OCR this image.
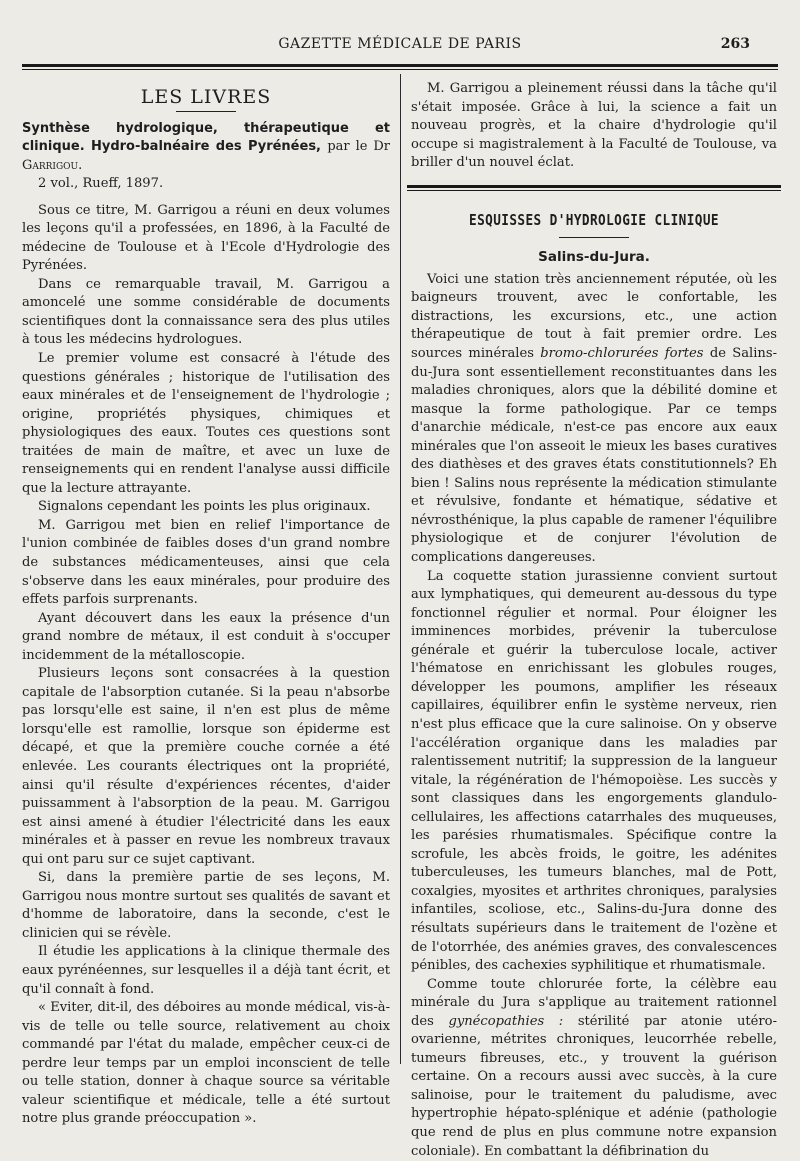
GAZETTE MÉDICALE DE PARIS	263
LES LIVRES

Synthèse hydrologique, thérapeutique et clinique. Hydro-balnéaire des Pyrénées, par le Dr Garrigou.

2 vol., Rueff, 1897.

Sous ce titre, M. Garrigou a réuni en deux volumes les leçons qu'il a professées, en 1896, à la Faculté de médecine de Toulouse et à l'Ecole d'Hydrologie des Pyrénées.

Dans ce remarquable travail, M. Garrigou a amoncelé une somme considérable de documents scientifiques dont la connaissance sera des plus utiles à tous les médecins hydrologues.

Le premier volume est consacré à l'étude des questions générales ; historique de l'utilisation des eaux minérales et de l'enseignement de l'hydrologie ; origine, propriétés physiques, chimiques et physiologiques des eaux. Toutes ces questions sont traitées de main de maître, et avec un luxe de renseignements qui en rendent l'analyse aussi difficile que la lecture attrayante.

Signalons cependant les points les plus originaux.

M. Garrigou met bien en relief l'importance de l'union combinée de faibles doses d'un grand nombre de substances médicamenteuses, ainsi que cela s'observe dans les eaux minérales, pour produire des effets parfois surprenants.

Ayant découvert dans les eaux la présence d'un grand nombre de métaux, il est conduit à s'occuper incidemment de la métalloscopie.

Plusieurs leçons sont consacrées à la question capitale de l'absorption cutanée. Si la peau n'absorbe pas lorsqu'elle est saine, il n'en est plus de même lorsqu'elle est ramollie, lorsque son épiderme est décapé, et que la première couche cornée a été enlevée. Les courants électriques ont la propriété, ainsi qu'il résulte d'expériences récentes, d'aider puissamment à l'absorption de la peau. M. Garrigou est ainsi amené à étudier l'électricité dans les eaux minérales et à passer en revue les nombreux travaux qui ont paru sur ce sujet captivant.

Si, dans la première partie de ses leçons, M. Garrigou nous montre surtout ses qualités de savant et d'homme de laboratoire, dans la seconde, c'est le clinicien qui se révèle.

Il étudie les applications à la clinique thermale des eaux pyrénéennes, sur lesquelles il a déjà tant écrit, et qu'il connaît à fond.

« Eviter, dit-il, des déboires au monde médical, vis-à-vis de telle ou telle source, relativement au choix commandé par l'état du malade, empêcher ceux-ci de perdre leur temps par un emploi inconscient de telle ou telle station, donner à chaque source sa véritable valeur scientifique et médicale, telle a été surtout notre plus grande préoccupation ».

M. Garrigou a pleinement réussi dans la tâche qu'il s'était imposée. Grâce à lui, la science a fait un nouveau progrès, et la chaire d'hydrologie qu'il occupe si magistralement à la Faculté de Toulouse, va briller d'un nouvel éclat.

ESQUISSES D'HYDROLOGIE CLINIQUE
Salins-du-Jura.

Voici une station très anciennement réputée, où les baigneurs trouvent, avec le confortable, les distractions, les excursions, etc., une action thérapeutique de tout à fait premier ordre. Les sources minérales bromo-chlorurées fortes de Salins-du-Jura sont essentiellement reconstituantes dans les maladies chroniques, alors que la débilité domine et masque la forme pathologique. Par ce temps d'anarchie médicale, n'est-ce pas encore aux eaux minérales que l'on asseoit le mieux les bases curatives des diathèses et des graves états constitutionnels? Eh bien ! Salins nous représente la médication stimulante et révulsive, fondante et hématique, sédative et névrosthénique, la plus capable de ramener l'équilibre physiologique et de conjurer l'évolution de complications dangereuses.

La coquette station jurassienne convient surtout aux lymphatiques, qui demeurent au-dessous du type fonctionnel régulier et normal. Pour éloigner les imminences morbides, prévenir la tuberculose générale et guérir la tuberculose locale, activer l'hématose en enrichissant les globules rouges, développer les poumons, amplifier les réseaux capillaires, équilibrer enfin le système nerveux, rien n'est plus efficace que la cure salinoise. On y observe l'accélération organique dans les maladies par ralentissement nutritif; la suppression de la langueur vitale, la régénération de l'hémopoièse. Les succès y sont classiques dans les engorgements glandulo-cellulaires, les affections catarrhales des muqueuses, les parésies rhumatismales. Spécifique contre la scrofule, les abcès froids, le goitre, les adénites tuberculeuses, les tumeurs blanches, mal de Pott, coxalgies, myosites et arthrites chroniques, paralysies infantiles, scoliose, etc., Salins-du-Jura donne des résultats supérieurs dans le traitement de l'ozène et de l'otorrhée, des anémies graves, des convalescences pénibles, des cachexies syphilitique et rhumatismale.

Comme toute chlorurée forte, la célèbre eau minérale du Jura s'applique au traitement rationnel des gynécopathies : stérilité par atonie utéro-ovarienne, métrites chroniques, leucorrhée rebelle, tumeurs fibreuses, etc., y trouvent la guérison certaine. On a recours aussi avec succès, à la cure salinoise, pour le traitement du paludisme, avec hypertrophie hépato-splénique et adénie (pathologie que rend de plus en plus commune notre expansion coloniale). En combattant la défibrination du
